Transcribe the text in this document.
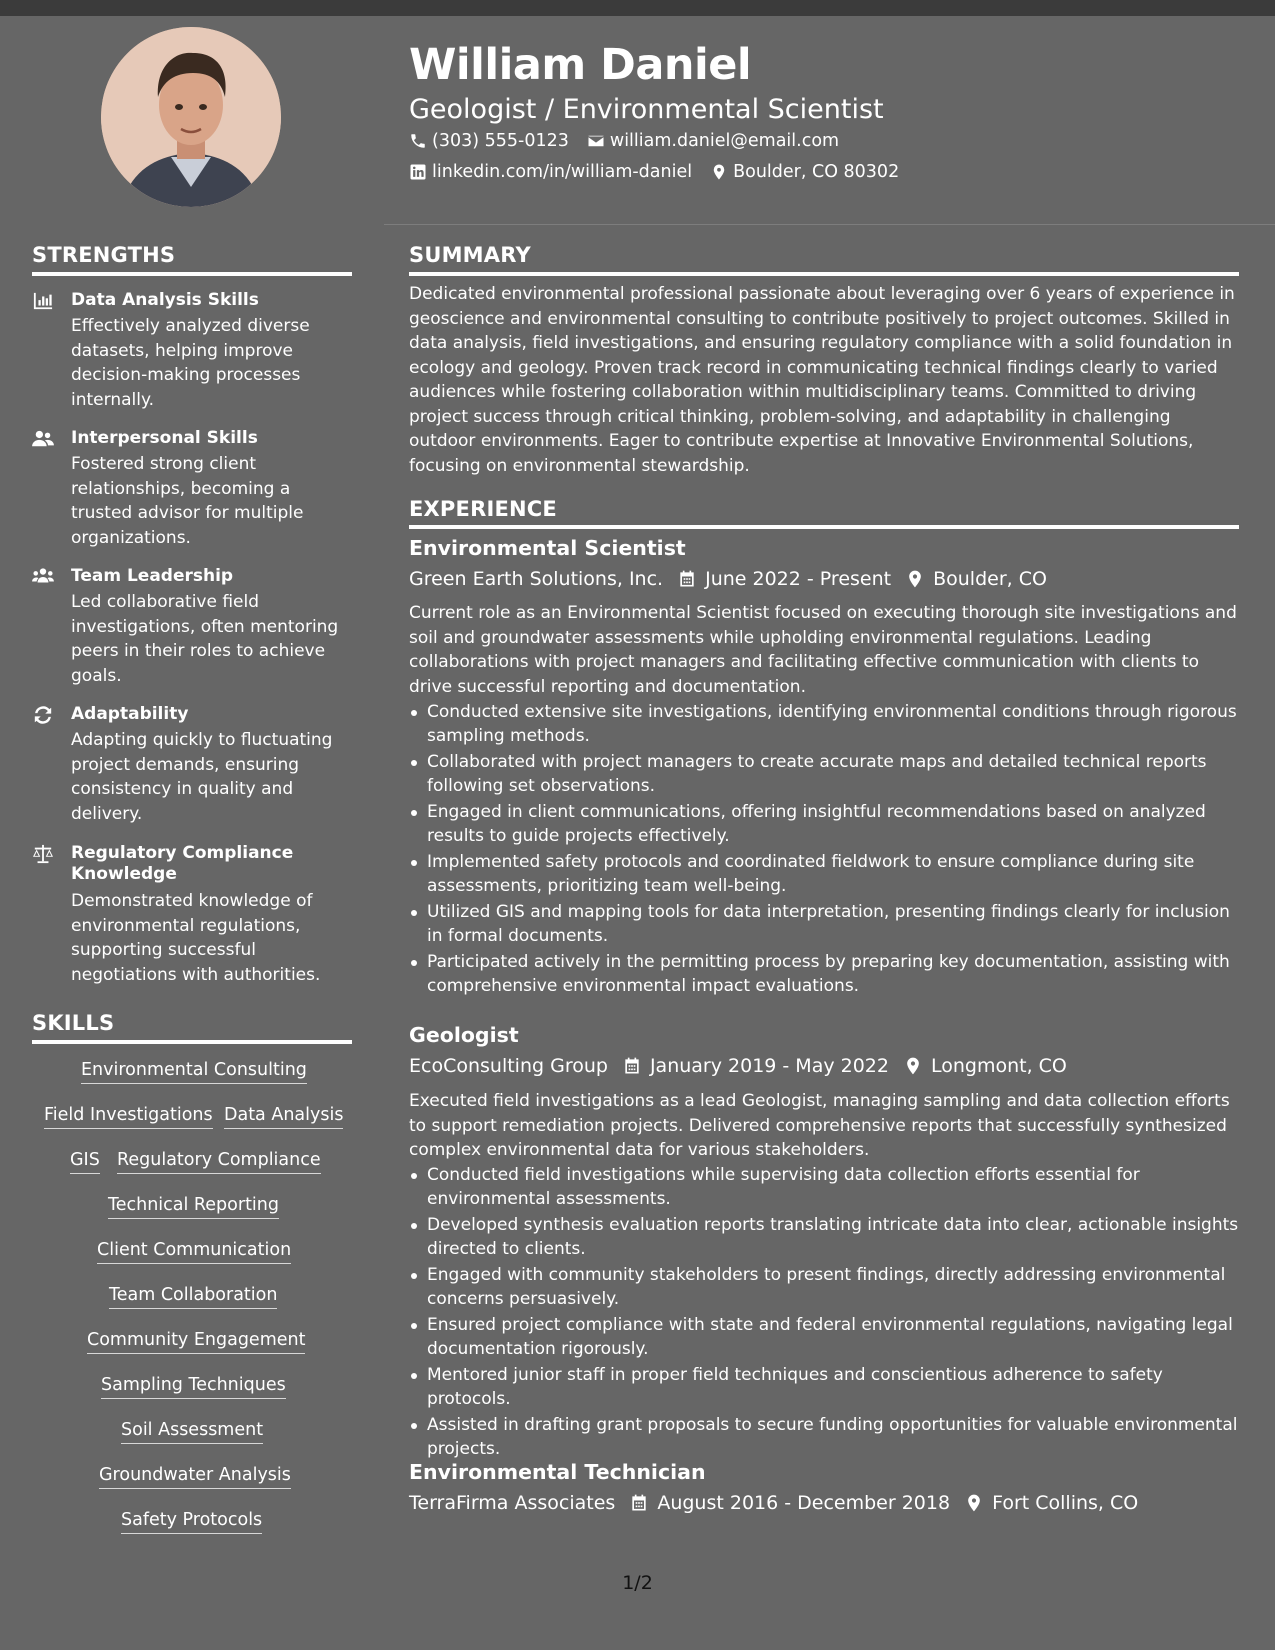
William Daniel
Geologist / Environmental Scientist
(303) 555-0123 william.daniel@email.com
linkedin.com/in/william-daniel Boulder, CO 80302
STRENGTHS
Data Analysis Skills
Effectively analyzed diverse datasets, helping improve decision-making processes internally.
Interpersonal Skills
Fostered strong client relationships, becoming a trusted advisor for multiple organizations.
Team Leadership
Led collaborative field investigations, often mentoring peers in their roles to achieve goals.
Adaptability
Adapting quickly to fluctuating project demands, ensuring consistency in quality and delivery.
Regulatory Compliance Knowledge
Demonstrated knowledge of environmental regulations, supporting successful negotiations with authorities.
SKILLS
Environmental Consulting
Field Investigations Data Analysis
GIS Regulatory Compliance
Technical Reporting
Client Communication
Team Collaboration
Community Engagement
Sampling Techniques
Soil Assessment
Groundwater Analysis
Safety Protocols
SUMMARY
Dedicated environmental professional passionate about leveraging over 6 years of experience in geoscience and environmental consulting to contribute positively to project outcomes. Skilled in data analysis, field investigations, and ensuring regulatory compliance with a solid foundation in ecology and geology. Proven track record in communicating technical findings clearly to varied audiences while fostering collaboration within multidisciplinary teams. Committed to driving project success through critical thinking, problem-solving, and adaptability in challenging outdoor environments. Eager to contribute expertise at Innovative Environmental Solutions, focusing on environmental stewardship.
EXPERIENCE
Environmental Scientist
Green Earth Solutions, Inc. June 2022 - Present Boulder, CO
Current role as an Environmental Scientist focused on executing thorough site investigations and soil and groundwater assessments while upholding environmental regulations. Leading collaborations with project managers and facilitating effective communication with clients to drive successful reporting and documentation.
Conducted extensive site investigations, identifying environmental conditions through rigorous sampling methods.
Collaborated with project managers to create accurate maps and detailed technical reports following set observations.
Engaged in client communications, offering insightful recommendations based on analyzed results to guide projects effectively.
Implemented safety protocols and coordinated fieldwork to ensure compliance during site assessments, prioritizing team well-being.
Utilized GIS and mapping tools for data interpretation, presenting findings clearly for inclusion in formal documents.
Participated actively in the permitting process by preparing key documentation, assisting with comprehensive environmental impact evaluations.
Geologist
EcoConsulting Group January 2019 - May 2022 Longmont, CO
Executed field investigations as a lead Geologist, managing sampling and data collection efforts to support remediation projects. Delivered comprehensive reports that successfully synthesized complex environmental data for various stakeholders.
Conducted field investigations while supervising data collection efforts essential for environmental assessments.
Developed synthesis evaluation reports translating intricate data into clear, actionable insights directed to clients.
Engaged with community stakeholders to present findings, directly addressing environmental concerns persuasively.
Ensured project compliance with state and federal environmental regulations, navigating legal documentation rigorously.
Mentored junior staff in proper field techniques and conscientious adherence to safety protocols.
Assisted in drafting grant proposals to secure funding opportunities for valuable environmental projects.
Environmental Technician
TerraFirma Associates August 2016 - December 2018 Fort Collins, CO
1/2
